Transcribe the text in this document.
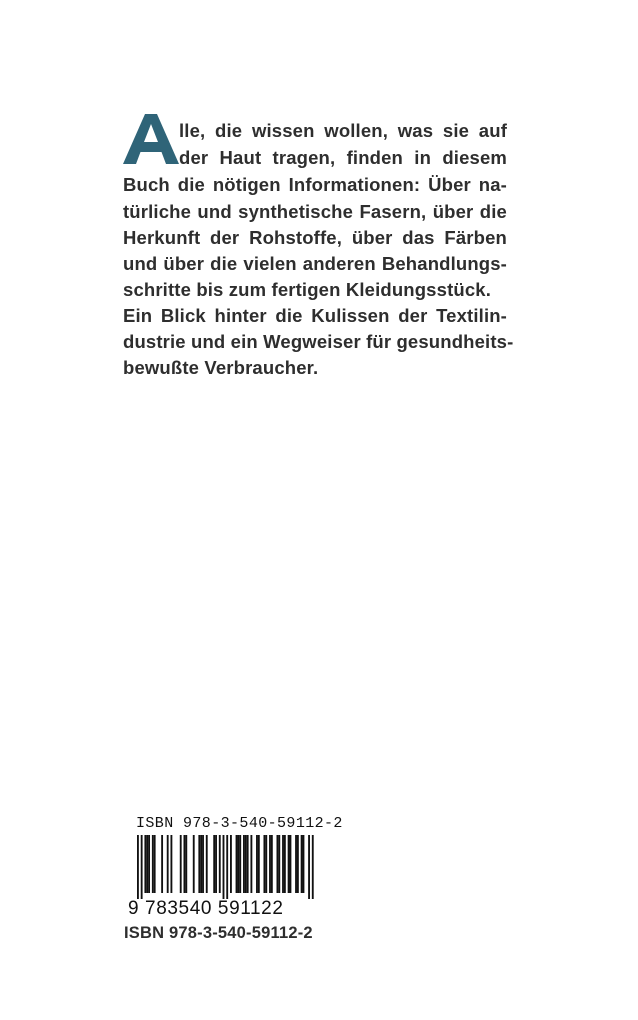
lle, die wissen wollen, was sie auf
der Haut tragen, finden in diesem
Buch die nötigen Informationen: Über na-
türliche und synthetische Fasern, über die
Herkunft der Rohstoffe, über das Färben
und über die vielen anderen Behandlungs-
schritte bis zum fertigen Kleidungsstück.
Ein Blick hinter die Kulissen der Textilin-
dustrie und ein Wegweiser für gesundheits-
bewußte Verbraucher.
ISBN 978-3-540-59112-2
9 783540 591122
ISBN 978-3-540-59112-2
